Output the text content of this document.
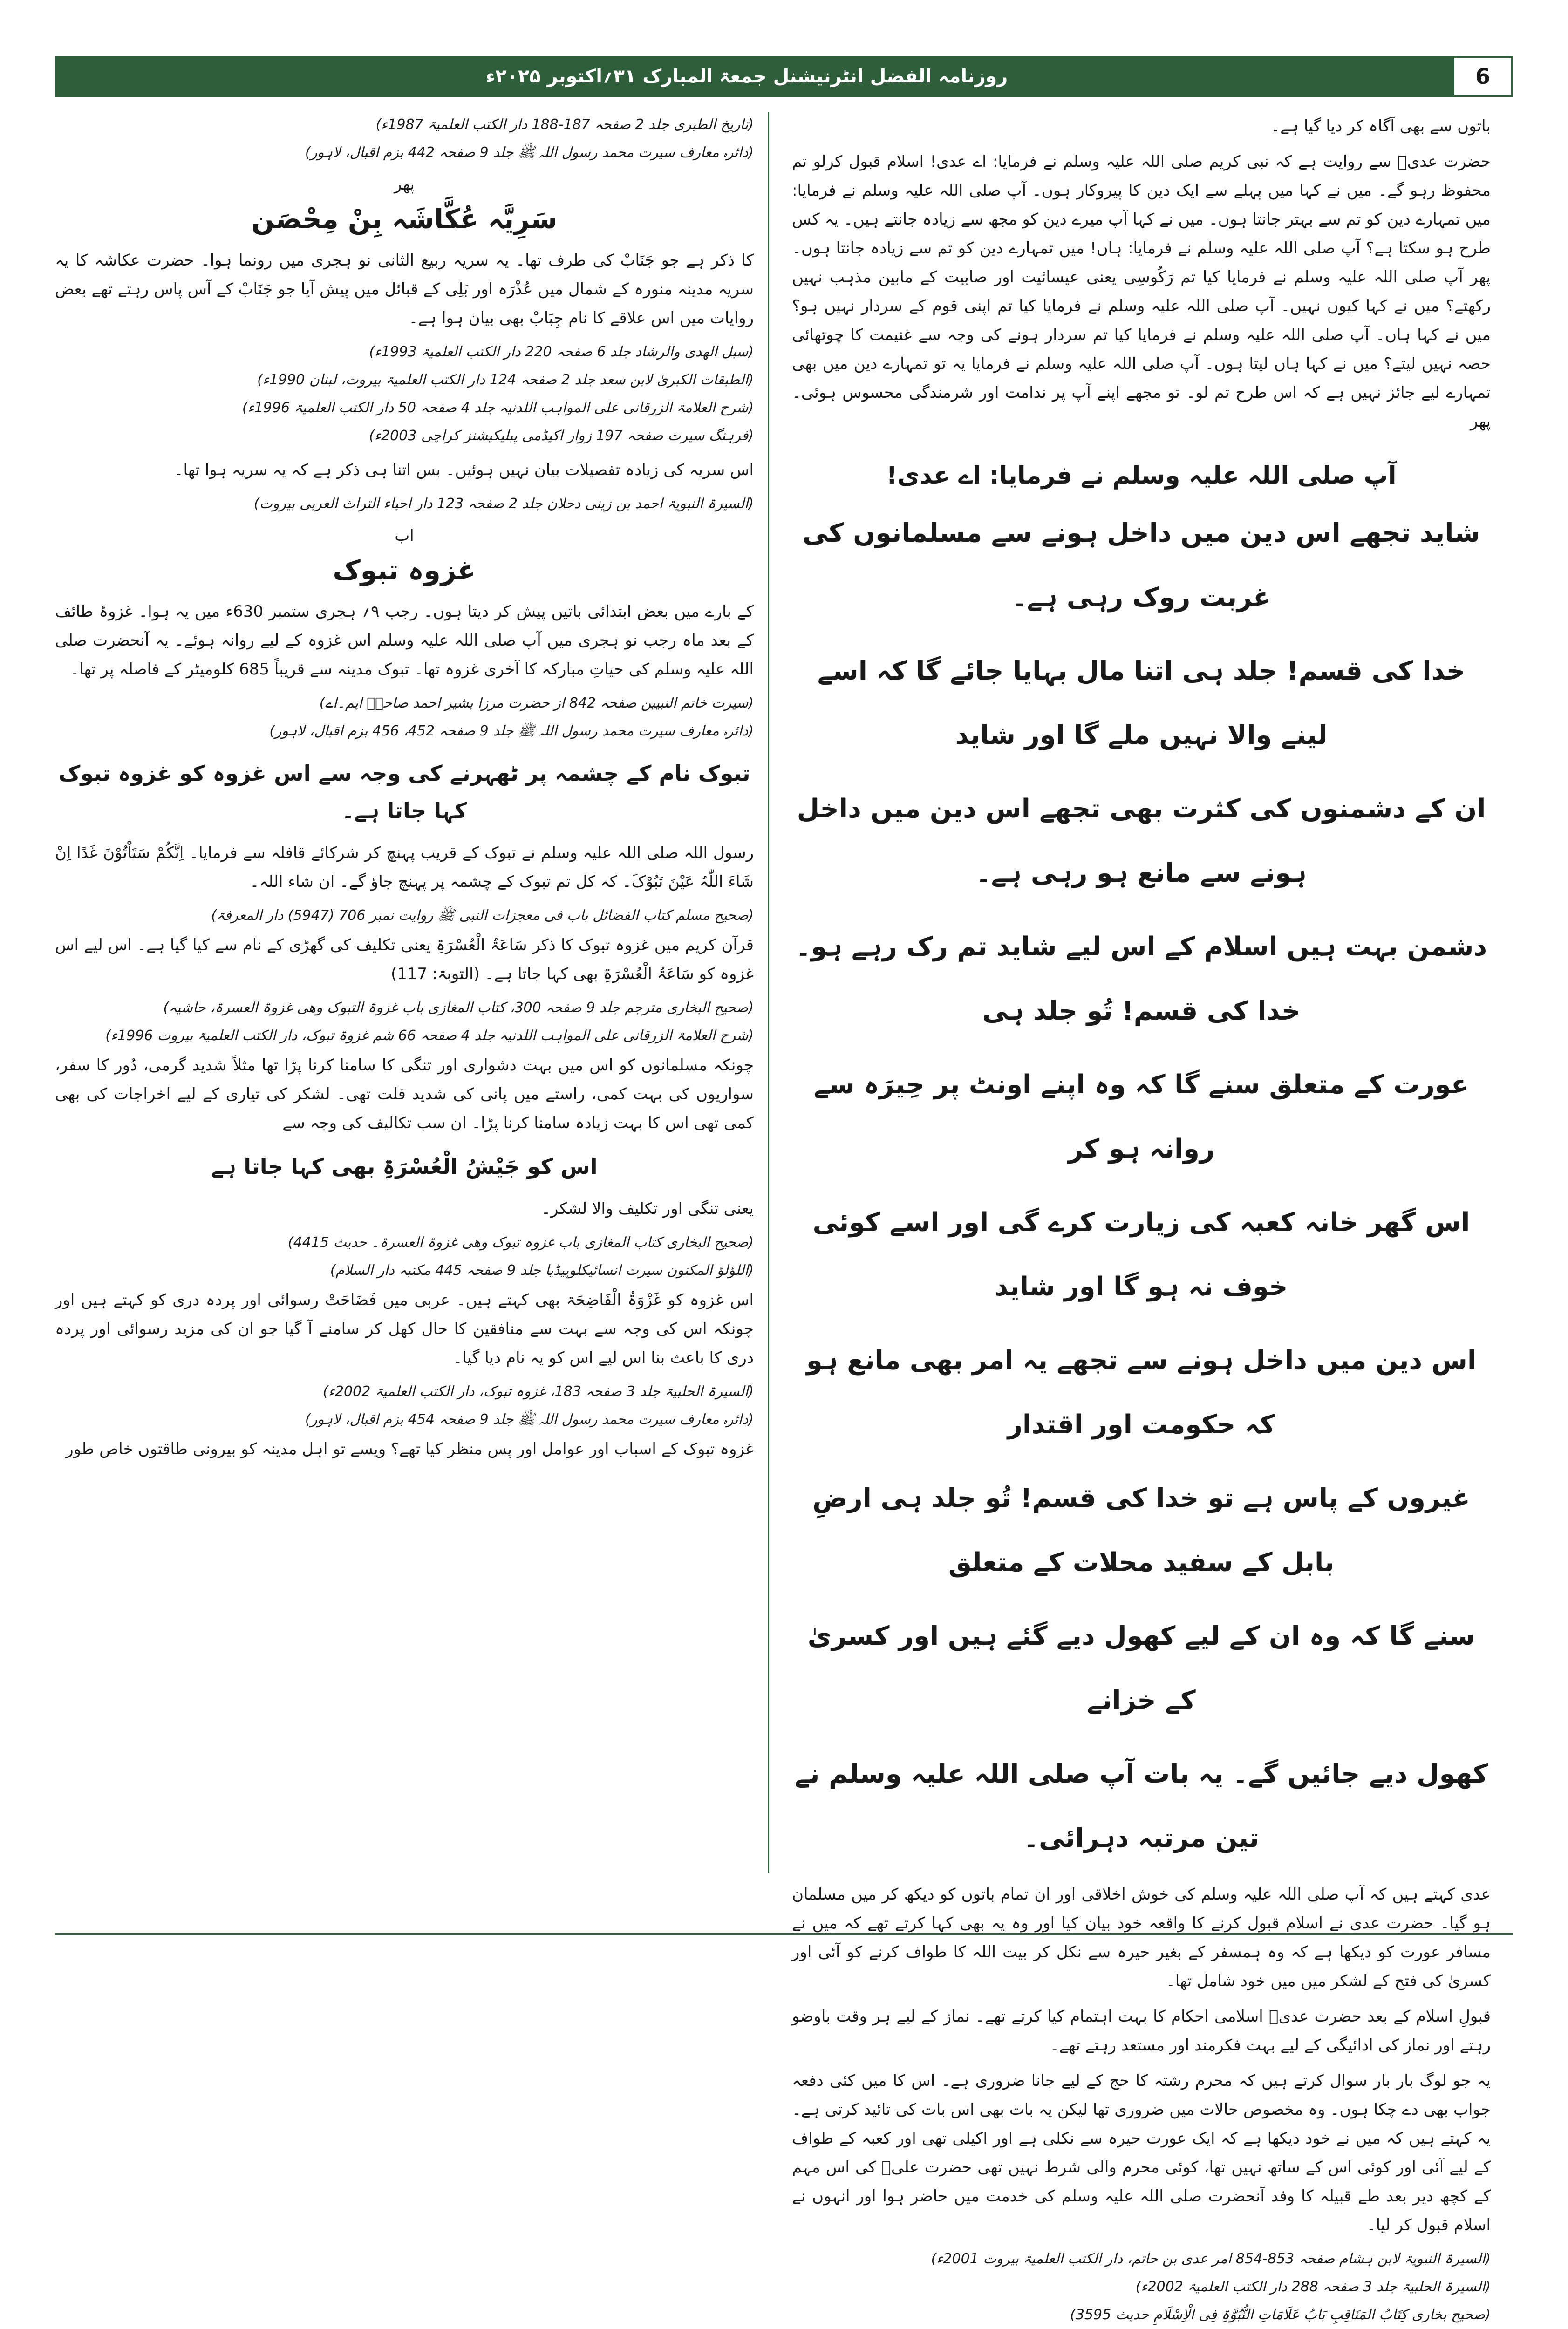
روزنامہ الفضل انٹرنیشنل جمعۃ المبارک ۳۱؍اکتوبر ۲۰۲۵ء	6

باتوں سے بھی آگاہ کر دیا گیا ہے۔

حضرت عدیؓ سے روایت ہے کہ نبی کریم صلی اللہ علیہ وسلم نے فرمایا: اے عدی! اسلام قبول کرلو تم محفوظ رہو گے۔ میں نے کہا میں پہلے سے ایک دین کا پیروکار ہوں۔ آپ صلی اللہ علیہ وسلم نے فرمایا: میں تمہارے دین کو تم سے بہتر جانتا ہوں۔ میں نے کہا آپ میرے دین کو مجھ سے زیادہ جانتے ہیں۔ یہ کس طرح ہو سکتا ہے؟ آپ صلی اللہ علیہ وسلم نے فرمایا: ہاں! میں تمہارے دین کو تم سے زیادہ جانتا ہوں۔ پھر آپ صلی اللہ علیہ وسلم نے فرمایا کیا تم رَکُوسِی یعنی عیسائیت اور صابیت کے مابین مذہب نہیں رکھتے؟ میں نے کہا کیوں نہیں۔ آپ صلی اللہ علیہ وسلم نے فرمایا کیا تم اپنی قوم کے سردار نہیں ہو؟ میں نے کہا ہاں۔ آپ صلی اللہ علیہ وسلم نے فرمایا کیا تم سردار ہونے کی وجہ سے غنیمت کا چوتھائی حصہ نہیں لیتے؟ میں نے کہا ہاں لیتا ہوں۔ آپ صلی اللہ علیہ وسلم نے فرمایا یہ تو تمہارے دین میں بھی تمہارے لیے جائز نہیں ہے کہ اس طرح تم لو۔ تو مجھے اپنے آپ پر ندامت اور شرمندگی محسوس ہوئی۔ پھر

آپ صلی اللہ علیہ وسلم نے فرمایا: اے عدی!
شاید تجھے اس دین میں داخل ہونے سے مسلمانوں کی غربت روک رہی ہے۔
خدا کی قسم! جلد ہی اتنا مال بہایا جائے گا کہ اسے لینے والا نہیں ملے گا اور شاید
ان کے دشمنوں کی کثرت بھی تجھے اس دین میں داخل ہونے سے مانع ہو رہی ہے۔
دشمن بہت ہیں اسلام کے اس لیے شاید تم رک رہے ہو۔ خدا کی قسم! تُو جلد ہی
عورت کے متعلق سنے گا کہ وہ اپنے اونٹ پر حِیرَہ سے روانہ ہو کر
اس گھر خانہ کعبہ کی زیارت کرے گی اور اسے کوئی خوف نہ ہو گا اور شاید
اس دین میں داخل ہونے سے تجھے یہ امر بھی مانع ہو کہ حکومت اور اقتدار
غیروں کے پاس ہے تو خدا کی قسم! تُو جلد ہی ارضِ بابل کے سفید محلات کے متعلق
سنے گا کہ وہ ان کے لیے کھول دیے گئے ہیں اور کسریٰ کے خزانے
کھول دیے جائیں گے۔ یہ بات آپ صلی اللہ علیہ وسلم نے تین مرتبہ دہرائی۔

عدی کہتے ہیں کہ آپ صلی اللہ علیہ وسلم کی خوش اخلاقی اور ان تمام باتوں کو دیکھ کر میں مسلمان ہو گیا۔ حضرت عدی نے اسلام قبول کرنے کا واقعہ خود بیان کیا اور وہ یہ بھی کہا کرتے تھے کہ میں نے مسافر عورت کو دیکھا ہے کہ وہ ہمسفر کے بغیر حیرہ سے نکل کر بیت اللہ کا طواف کرنے کو آئی اور کسریٰ کی فتح کے لشکر میں میں خود شامل تھا۔

قبولِ اسلام کے بعد حضرت عدیؓ اسلامی احکام کا بہت اہتمام کیا کرتے تھے۔ نماز کے لیے ہر وقت باوضو رہتے اور نماز کی ادائیگی کے لیے بہت فکرمند اور مستعد رہتے تھے۔

یہ جو لوگ بار بار سوال کرتے ہیں کہ محرم رشتہ کا حج کے لیے جانا ضروری ہے۔ اس کا میں کئی دفعہ جواب بھی دے چکا ہوں۔ وہ مخصوص حالات میں ضروری تھا لیکن یہ بات بھی اس بات کی تائید کرتی ہے۔ یہ کہتے ہیں کہ میں نے خود دیکھا ہے کہ ایک عورت حیرہ سے نکلی ہے اور اکیلی تھی اور کعبہ کے طواف کے لیے آئی اور کوئی اس کے ساتھ نہیں تھا، کوئی محرم والی شرط نہیں تھی حضرت علیؓ کی اس مہم کے کچھ دیر بعد طے قبیلہ کا وفد آنحضرت صلی اللہ علیہ وسلم کی خدمت میں حاضر ہوا اور انہوں نے اسلام قبول کر لیا۔

(السیرۃ النبویۃ لابن ہشام صفحہ 853-854 امر عدی بن حاتم، دار الکتب العلمیۃ بیروت 2001ء)

(السیرۃ الحلبیۃ جلد 3 صفحہ 288 دار الکتب العلمیۃ 2002ء)

(صحیح بخاری کِتَابُ المَنَاقِبِ بَابُ عَلَامَاتِ النُّبُوَّۃِ فِی الْاِسْلَامِ حدیث 3595)

(تاریخ الطبری جلد 2 صفحہ 187-188 دار الکتب العلمیۃ 1987ء)

(دائرہ معارف سیرت محمد رسول اللہ ﷺ جلد 9 صفحہ 442 بزم اقبال، لاہور)

پھر
سَرِیَّہ عُکَّاشَہ بِنْ مِحْصَن

کا ذکر ہے جو جَنَابْ کی طرف تھا۔ یہ سریہ ربیع الثانی نو ہجری میں رونما ہوا۔ حضرت عکاشہ کا یہ سریہ مدینہ منورہ کے شمال میں عُذْرَہ اور بَلِی کے قبائل میں پیش آیا جو جَنَابْ کے آس پاس رہتے تھے بعض روایات میں اس علاقے کا نام جِبَابْ بھی بیان ہوا ہے۔

(سبل الھدی والرشاد جلد 6 صفحہ 220 دار الکتب العلمیۃ 1993ء)

(الطبقات الکبریٰ لابن سعد جلد 2 صفحہ 124 دار الکتب العلمیۃ بیروت، لبنان 1990ء)

(شرح العلامۃ الزرقانی علی المواہب اللدنیہ جلد 4 صفحہ 50 دار الکتب العلمیۃ 1996ء)

(فرہنگ سیرت صفحہ 197 زوار اکیڈمی پبلیکیشنز کراچی 2003ء)

اس سریہ کی زیادہ تفصیلات بیان نہیں ہوئیں۔ بس اتنا ہی ذکر ہے کہ یہ سریہ ہوا تھا۔

(السیرۃ النبویۃ احمد بن زینی دحلان جلد 2 صفحہ 123 دار احیاء التراث العربی بیروت)

اب
غزوہ تبوک

کے بارے میں بعض ابتدائی باتیں پیش کر دیتا ہوں۔ رجب ۹؍ ہجری ستمبر 630ء میں یہ ہوا۔ غزوۂ طائف کے بعد ماہ رجب نو ہجری میں آپ صلی اللہ علیہ وسلم اس غزوہ کے لیے روانہ ہوئے۔ یہ آنحضرت صلی اللہ علیہ وسلم کی حیاتِ مبارکہ کا آخری غزوہ تھا۔ تبوک مدینہ سے قریباً 685 کلومیٹر کے فاصلہ پر تھا۔

(سیرت خاتم النبیین صفحہ 842 از حضرت مرزا بشیر احمد صاحبؓ ایم۔اے)

(دائرہ معارف سیرت محمد رسول اللہ ﷺ جلد 9 صفحہ 452، 456 بزم اقبال، لاہور)

تبوک نام کے چشمہ پر ٹھہرنے کی وجہ سے اس غزوہ کو غزوہ تبوک کہا جاتا ہے۔

رسول اللہ صلی اللہ علیہ وسلم نے تبوک کے قریب پہنچ کر شرکائے قافلہ سے فرمایا۔ اِنَّکُمْ سَتَاْتُوْنَ غَدًا اِنْ شَاءَ اللّٰہُ عَیْنَ تَبُوْکَ۔ کہ کل تم تبوک کے چشمہ پر پہنچ جاؤ گے۔ ان شاء اللہ۔

(صحیح مسلم کتاب الفضائل باب فی معجزات النبی ﷺ روایت نمبر 706 (5947) دار المعرفۃ)

قرآن کریم میں غزوہ تبوک کا ذکر سَاعَۃُ الْعُسْرَۃِ یعنی تکلیف کی گھڑی کے نام سے کیا گیا ہے۔ اس لیے اس غزوہ کو سَاعَۃُ الْعُسْرَۃِ بھی کہا جاتا ہے۔ (التوبۃ: 117)

(صحیح البخاری مترجم جلد 9 صفحہ 300، کتاب المغازی باب غزوۃ التبوک وھی غزوۃ العسرۃ، حاشیہ)

(شرح العلامۃ الزرقانی علی المواہب اللدنیہ جلد 4 صفحہ 66 شم غزوۃ تبوک، دار الکتب العلمیۃ بیروت 1996ء)

چونکہ مسلمانوں کو اس میں بہت دشواری اور تنگی کا سامنا کرنا پڑا تھا مثلاً شدید گرمی، دُور کا سفر، سواریوں کی بہت کمی، راستے میں پانی کی شدید قلت تھی۔ لشکر کی تیاری کے لیے اخراجات کی بھی کمی تھی اس کا بہت زیادہ سامنا کرنا پڑا۔ ان سب تکالیف کی وجہ سے

اس کو جَیْشُ الْعُسْرَۃِ بھی کہا جاتا ہے

یعنی تنگی اور تکلیف والا لشکر۔

(صحیح البخاری کتاب المغازی باب غزوہ تبوک وھی غزوۃ العسرۃ۔ حدیث 4415)

(اللؤلؤ المکنون سیرت انسائیکلوپیڈیا جلد 9 صفحہ 445 مکتبہ دار السلام)

اس غزوہ کو غَزْوَۃُ الْفَاضِحَۃ بھی کہتے ہیں۔ عربی میں فَضَاحَتْ رسوائی اور پردہ دری کو کہتے ہیں اور چونکہ اس کی وجہ سے بہت سے منافقین کا حال کھل کر سامنے آ گیا جو ان کی مزید رسوائی اور پردہ دری کا باعث بنا اس لیے اس کو یہ نام دیا گیا۔

(السیرۃ الحلبیۃ جلد 3 صفحہ 183، غزوہ تبوک، دار الکتب العلمیۃ 2002ء)

(دائرہ معارف سیرت محمد رسول اللہ ﷺ جلد 9 صفحہ 454 بزم اقبال، لاہور)

غزوہ تبوک کے اسباب اور عوامل اور پس منظر کیا تھے؟ ویسے تو اہل مدینہ کو بیرونی طاقتوں خاص طور
